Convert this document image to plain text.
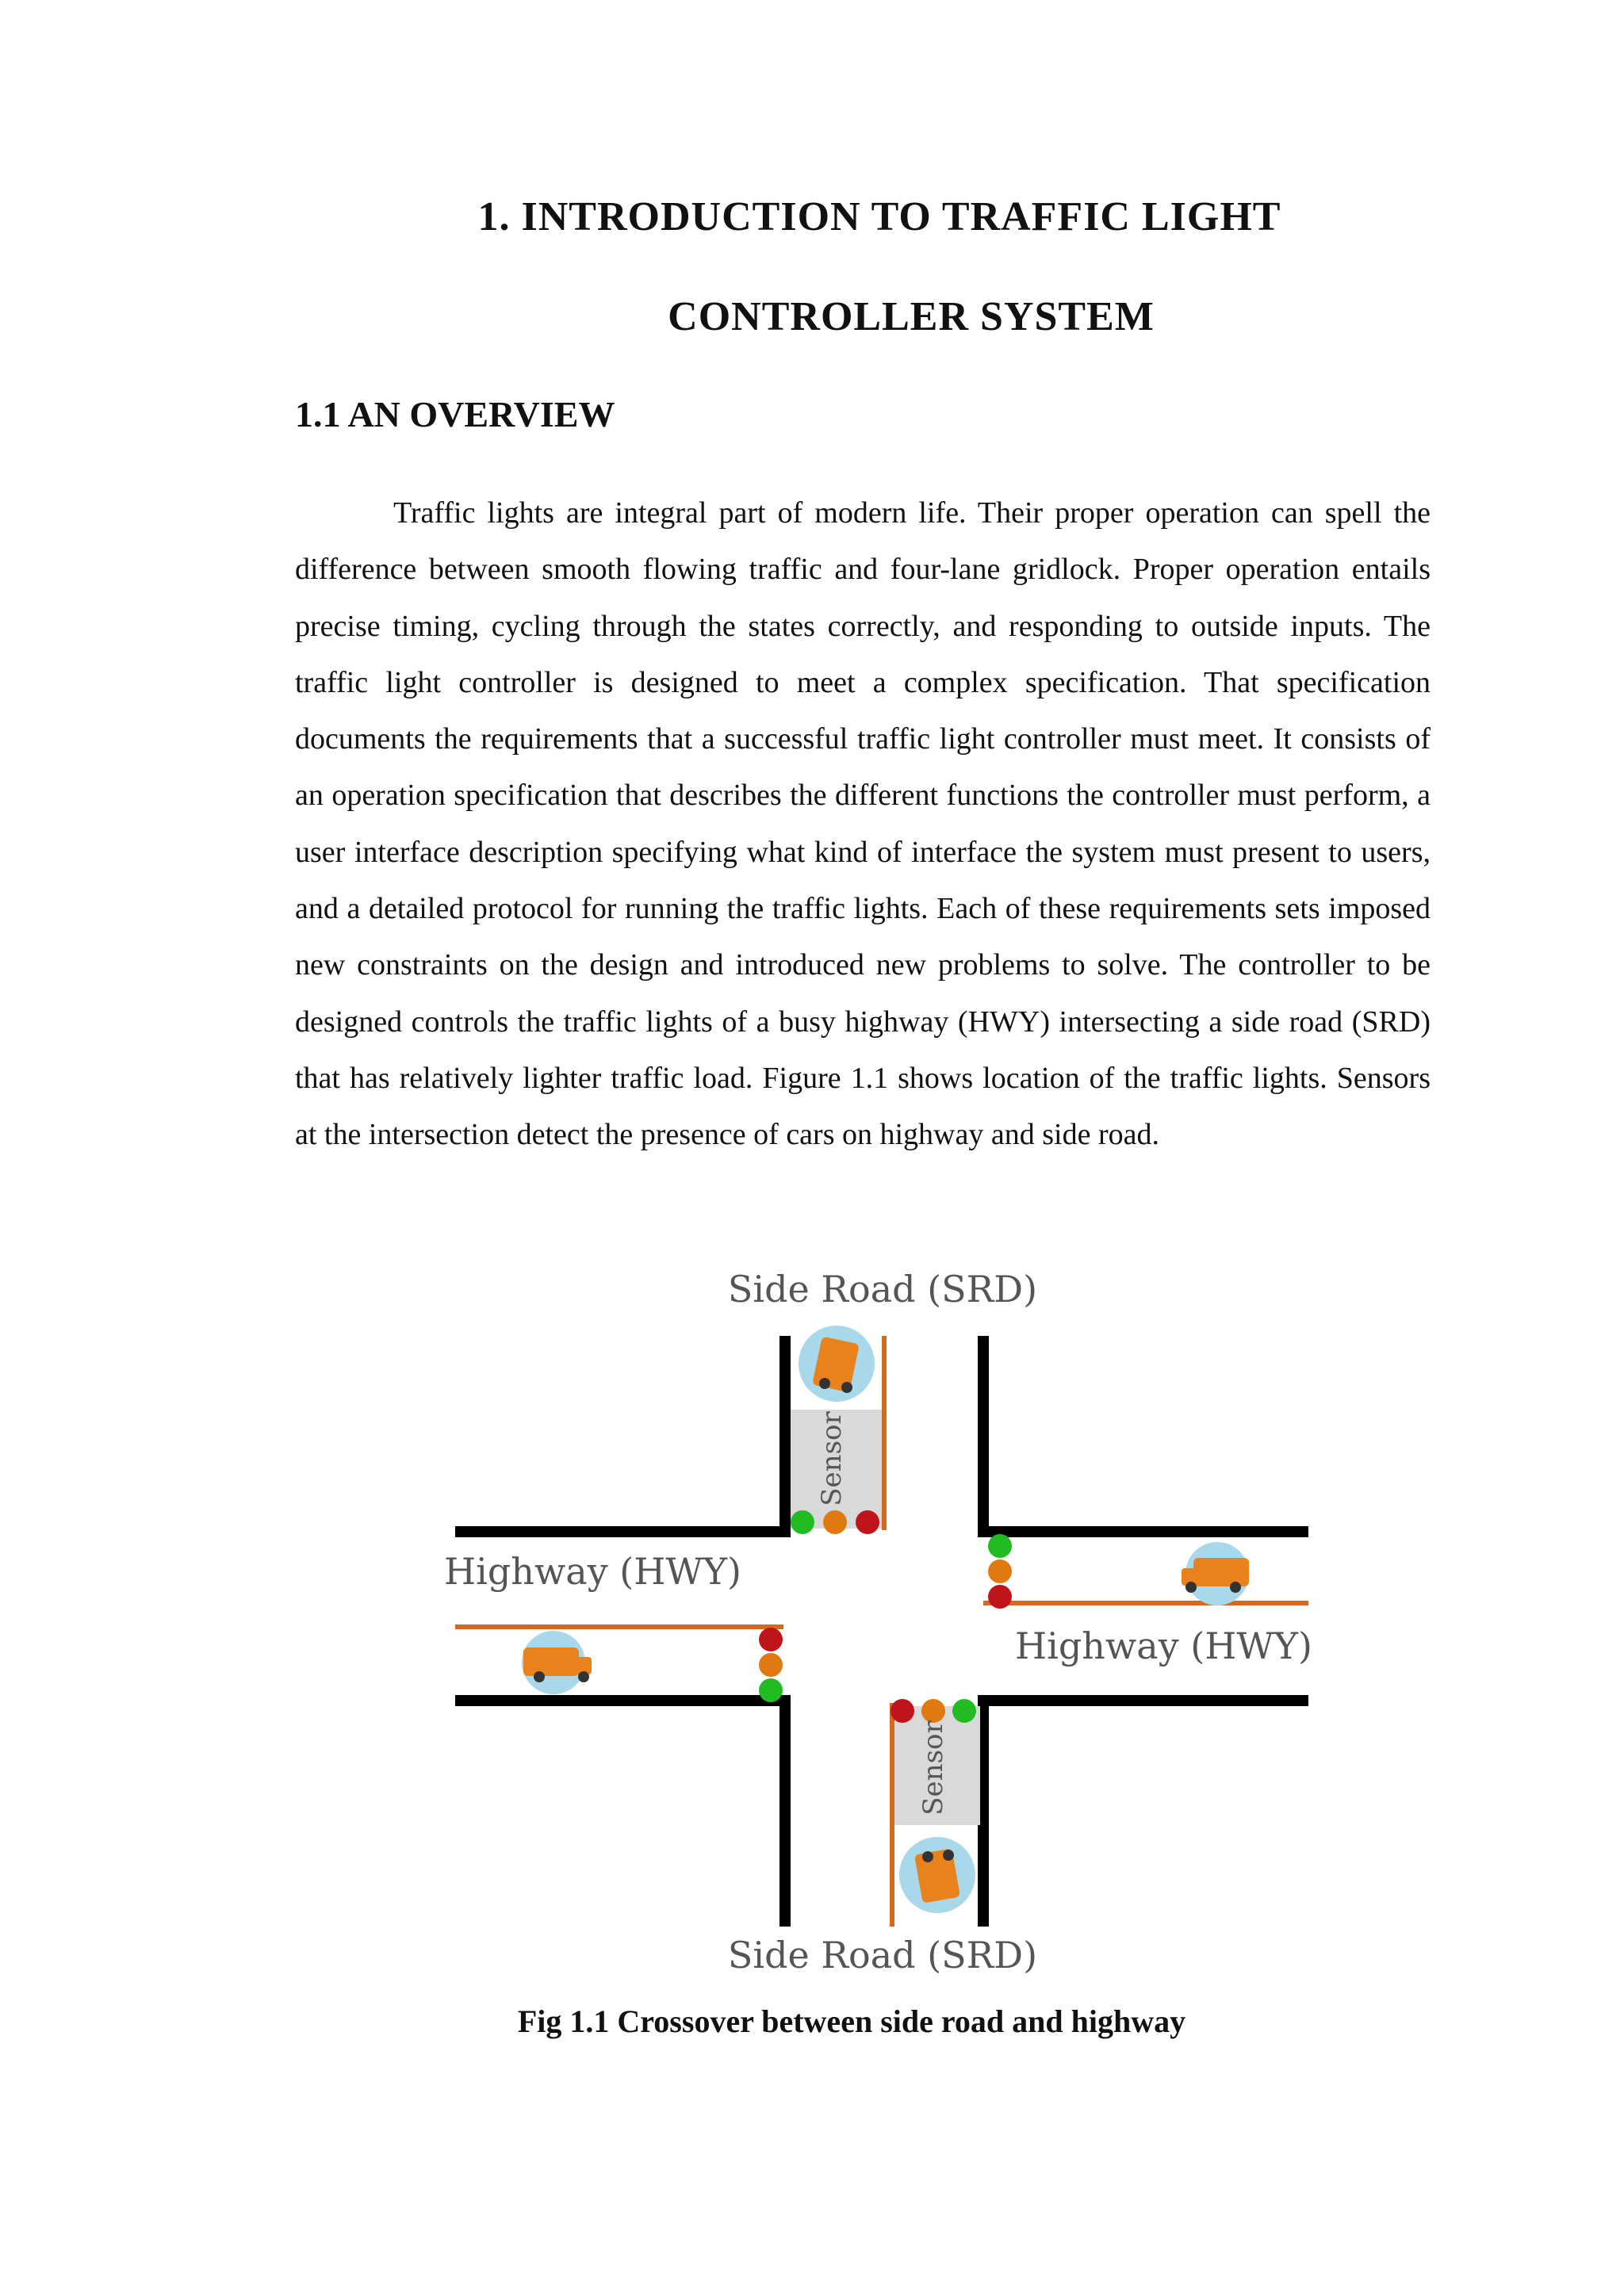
1. INTRODUCTION TO TRAFFIC LIGHT
CONTROLLER SYSTEM
1.1 AN OVERVIEW

Traffic lights are integral part of modern life. Their proper operation can spell the difference between smooth flowing traffic and four-lane gridlock. Proper operation entails precise timing, cycling through the states correctly, and responding to outside inputs. The traffic light controller is designed to meet a complex specification. That specification documents the requirements that a successful traffic light controller must meet. It consists of an operation specification that describes the different functions the controller must perform, a user interface description specifying what kind of interface the system must present to users, and a detailed protocol for running the traffic lights. Each of these requirements sets imposed new constraints on the design and introduced new problems to solve. The controller to be designed controls the traffic lights of a busy highway (HWY) intersecting a side road (SRD) that has relatively lighter traffic load. Figure 1.1 shows location of the traffic lights. Sensors at the intersection detect the presence of cars on highway and side road.

Side Road (SRD)
Side Road (SRD)
Highway (HWY)
Highway (HWY)
Sensor
Sensor

Fig 1.1 Crossover between side road and highway
